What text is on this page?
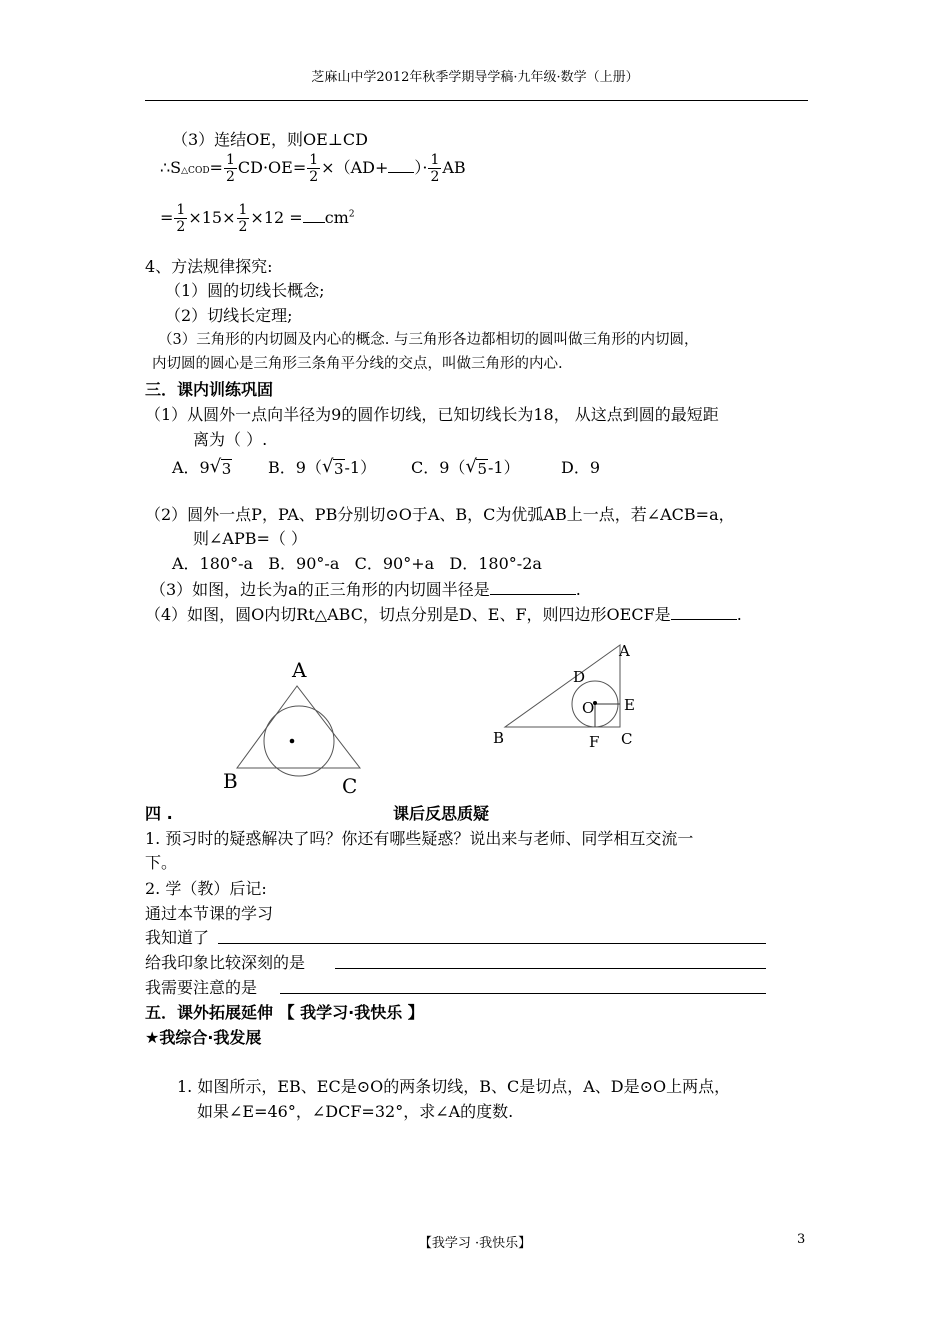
芝麻山中学2012年秋季学期导学稿·九年级·数学（上册）
（3）连结OE，则OE⊥CD
∴S△COD= $\frac{1}{2} CD\cdot OE= \frac{1}{2} \times(AD+$ ）· $\frac{1}{2}$ AB
= $\frac{1}{2} \times 15\times \frac{1}{2} \times 12 = cm^2$
4、方法规律探究:
（1）圆的切线长概念;
（2）切线长定理;
（3）三角形的内切圆及内心的概念. 与三角形各边都相切的圆叫做三角形的内切圆，
内切圆的圆心是三角形三条角平分线的交点，叫做三角形的内心.
三．课内训练巩固
（1）从圆外一点向半径为9的圆作切线，已知切线长为18， 从这点到圆的最短距
离为（ ）.
A．9 √ 3 B．9（ √ 3-1） C．9（ √ 5-1）	D．9
（2）圆外一点P，PA、PB分别切⊙O于A、B，C为优弧AB上一点，若∠ACB=a，
则∠APB=（ ）
A．180°-a   B．90°-a   C．90°+a   D．180°-2a
（3）如图，边长为a的正三角形的内切圆半径是	.
（4）如图，圆O内切Rt△ABC，切点分别是D、E、F，则四边形OECF是	.
A
B	C
A
B	C
D
E
F
O
四 .	课后反思质疑
1. 预习时的疑惑解决了吗？你还有哪些疑惑？说出来与老师、同学相互交流一
下。
2. 学（教）后记:
通过本节课的学习
我知道了
给我印象比较深刻的是
我需要注意的是
五．课外拓展延伸 【 我学习·我快乐 】
★我综合·我发展
1. 如图所示，EB、EC是⊙O的两条切线，B、C是切点，A、D是⊙O上两点，
如果∠E=46°，∠DCF=32°，求∠A的度数.
【我学习 ·我快乐】	3
